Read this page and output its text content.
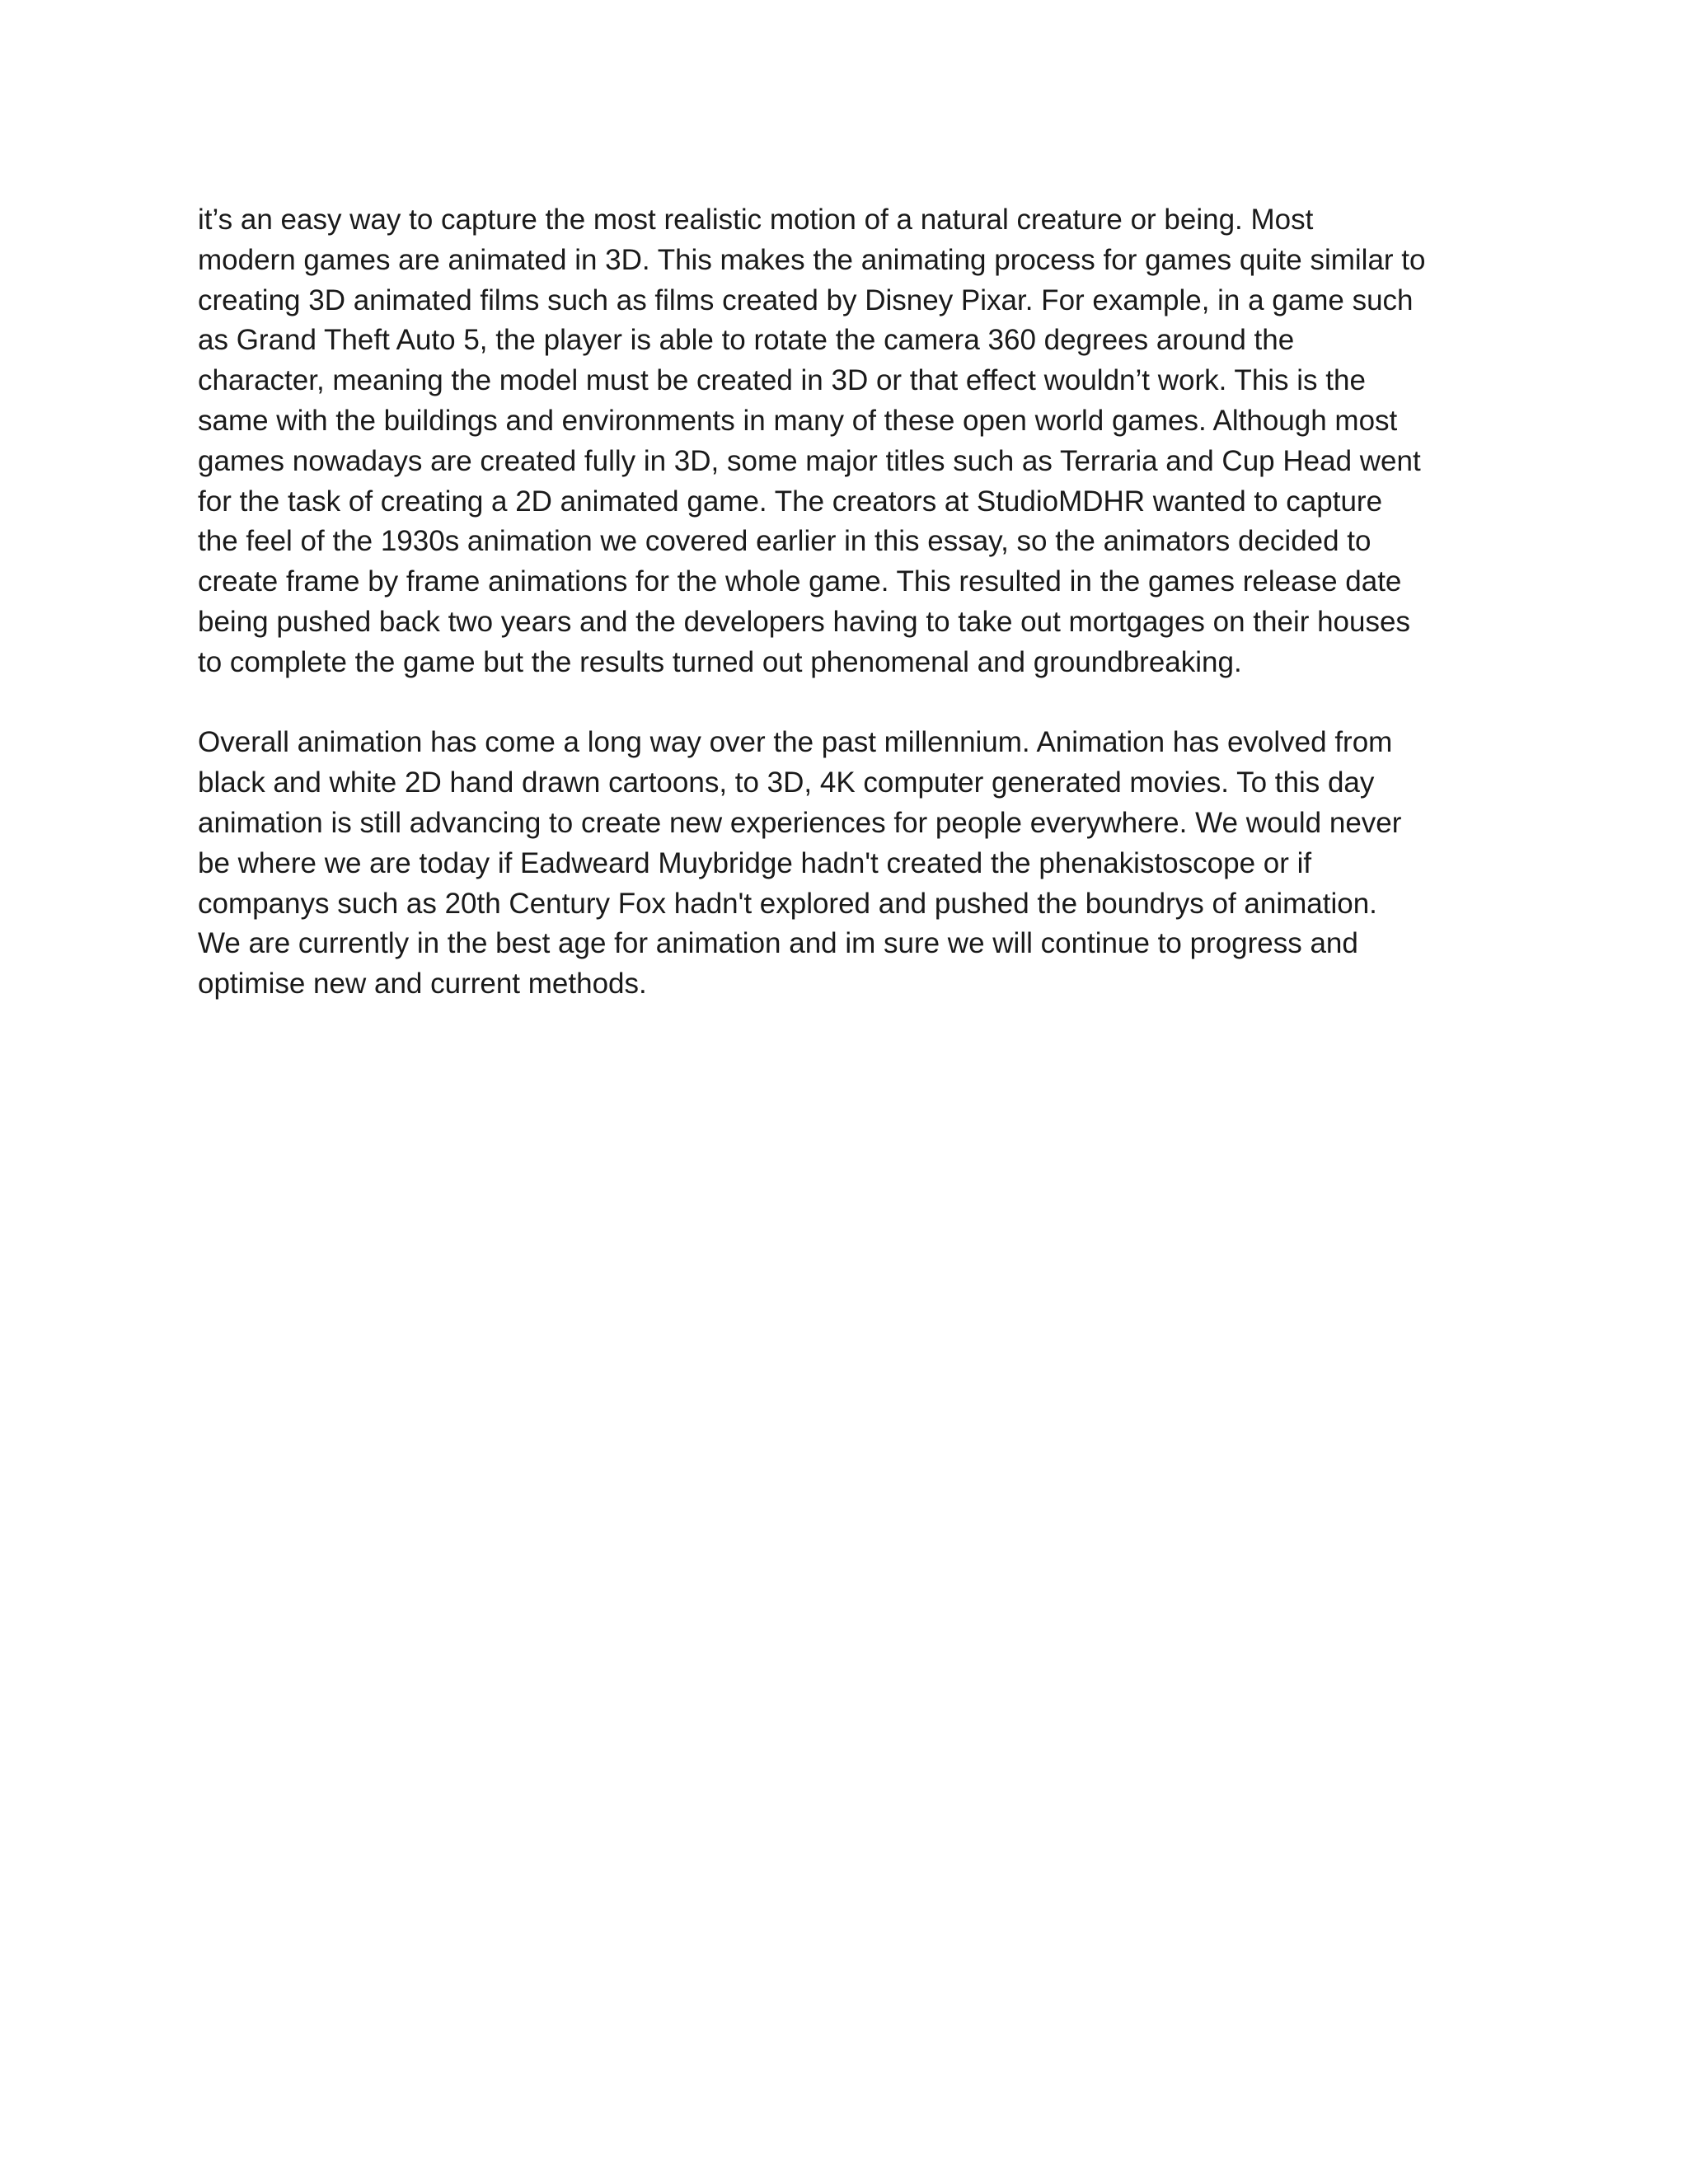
it’s an easy way to capture the most realistic motion of a natural creature or being. Most
modern games are animated in 3D. This makes the animating process for games quite similar to
creating 3D animated films such as films created by Disney Pixar. For example, in a game such
as Grand Theft Auto 5, the player is able to rotate the camera 360 degrees around the
character, meaning the model must be created in 3D or that effect wouldn’t work. This is the
same with the buildings and environments in many of these open world games. Although most
games nowadays are created fully in 3D, some major titles such as Terraria and Cup Head went
for the task of creating a 2D animated game. The creators at StudioMDHR wanted to capture
the feel of the 1930s animation we covered earlier in this essay, so the animators decided to
create frame by frame animations for the whole game. This resulted in the games release date
being pushed back two years and the developers having to take out mortgages on their houses
to complete the game but the results turned out phenomenal and groundbreaking.
Overall animation has come a long way over the past millennium. Animation has evolved from
black and white 2D hand drawn cartoons, to 3D, 4K computer generated movies. To this day
animation is still advancing to create new experiences for people everywhere. We would never
be where we are today if Eadweard Muybridge hadn't created the phenakistoscope or if
companys such as 20th Century Fox hadn't explored and pushed the boundrys of animation.
We are currently in the best age for animation and im sure we will continue to progress and
optimise new and current methods.
